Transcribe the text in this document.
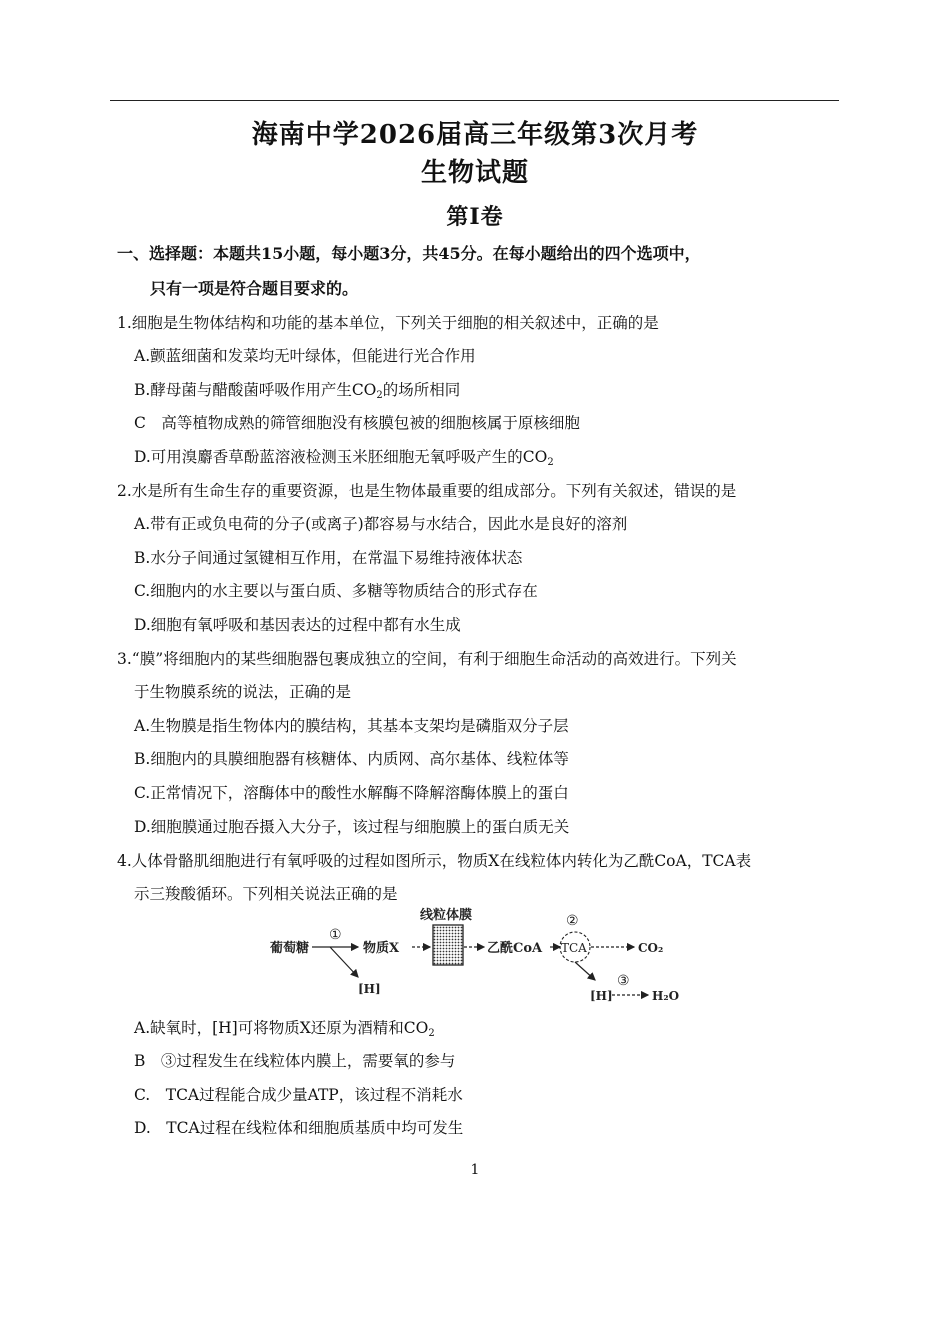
海南中学2026届高三年级第3次月考
生物试题
第Ⅰ卷
一、选择题：本题共15小题，每小题3分，共45分。在每小题给出的四个选项中，
只有一项是符合题目要求的。
1.细胞是生物体结构和功能的基本单位，下列关于细胞的相关叙述中，正确的是
A.颤蓝细菌和发菜均无叶绿体，但能进行光合作用
B.酵母菌与醋酸菌呼吸作用产生$CO_2$的场所相同
C　高等植物成熟的筛管细胞没有核膜包被的细胞核属于原核细胞
D.可用溴麝香草酚蓝溶液检测玉米胚细胞无氧呼吸产生的$CO_2$
2.水是所有生命生存的重要资源，也是生物体最重要的组成部分。下列有关叙述，错误的是
A.带有正或负电荷的分子(或离子)都容易与水结合，因此水是良好的溶剂
B.水分子间通过氢键相互作用，在常温下易维持液体状态
C.细胞内的水主要以与蛋白质、多糖等物质结合的形式存在
D.细胞有氧呼吸和基因表达的过程中都有水生成
3.“膜”将细胞内的某些细胞器包裹成独立的空间，有利于细胞生命活动的高效进行。下列关
于生物膜系统的说法，正确的是
A.生物膜是指生物体内的膜结构，其基本支架均是磷脂双分子层
B.细胞内的具膜细胞器有核糖体、内质网、高尔基体、线粒体等
C.正常情况下，溶酶体中的酸性水解酶不降解溶酶体膜上的蛋白
D.细胞膜通过胞吞摄入大分子，该过程与细胞膜上的蛋白质无关
4.人体骨骼肌细胞进行有氧呼吸的过程如图所示，物质X在线粒体内转化为乙酰CoA，TCA表
示三羧酸循环。下列相关说法正确的是
葡萄糖
①
[H]
物质X
线粒体膜
乙酰CoA TCA
②
CO₂
③
[H]	H₂O
A.缺氧时，[H]可将物质X还原为酒精和$CO_2$
B　③过程发生在线粒体内膜上，需要氧的参与
C.　TCA过程能合成少量ATP，该过程不消耗水
D.　TCA过程在线粒体和细胞质基质中均可发生
1
